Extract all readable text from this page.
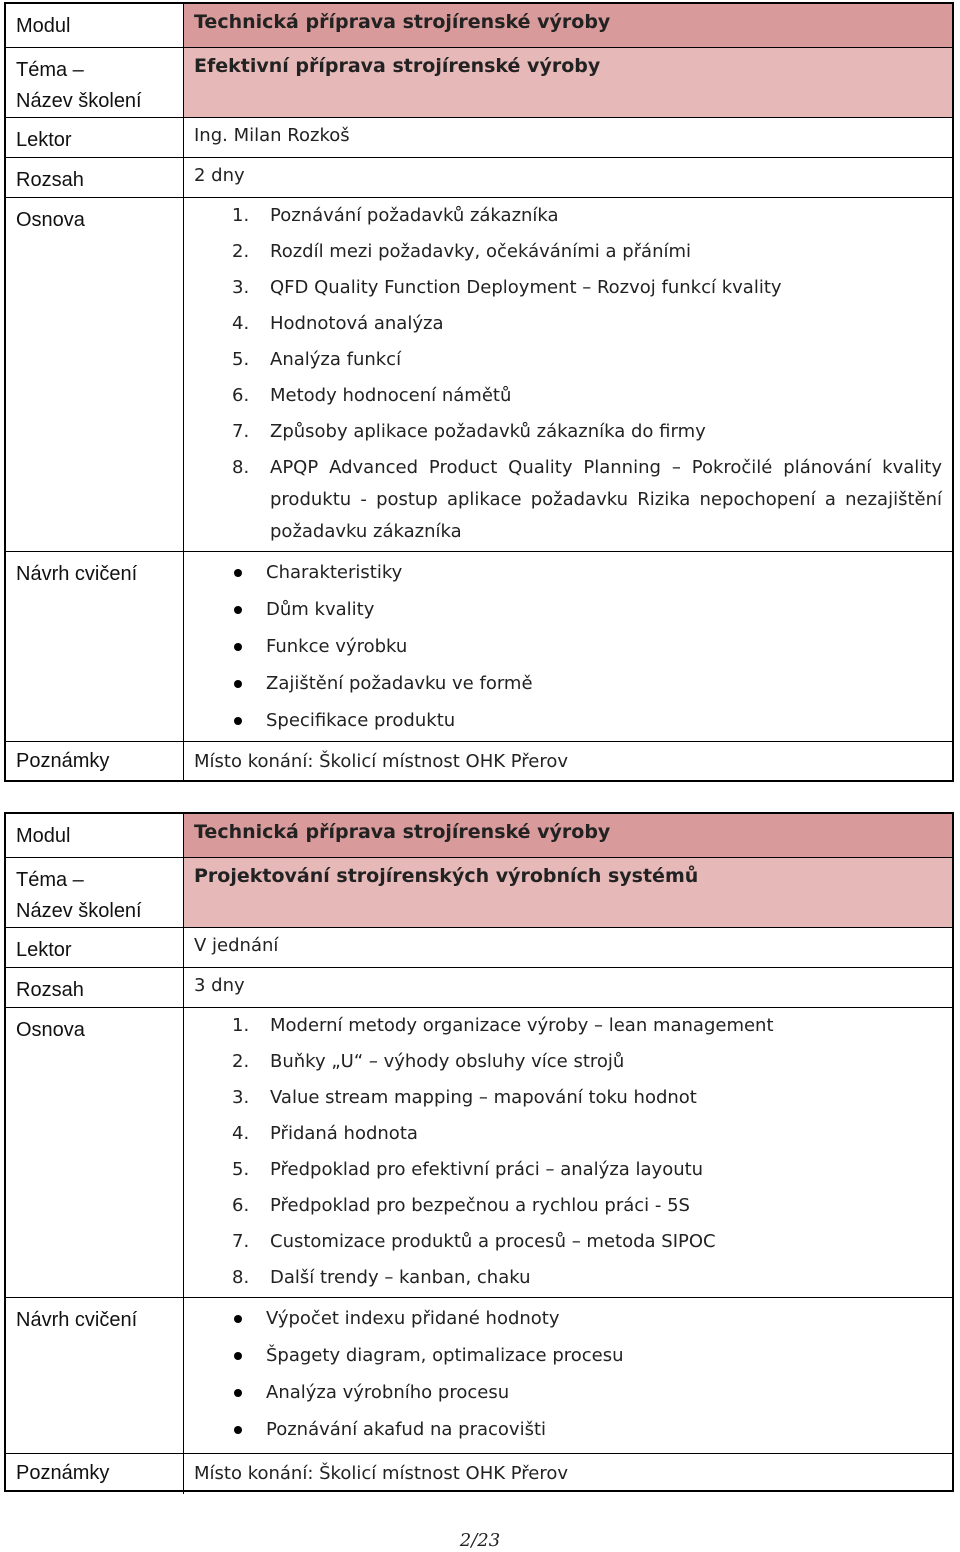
Modul	Technická příprava strojírenské výroby
Téma –
Název školení
Efektivní příprava strojírenské výroby
Lektor	Ing. Milan Rozkoš
Rozsah	2 dny
Osnova	1.	Poznávání požadavků zákazníka
2.	Rozdíl mezi požadavky, očekáváními a přáními
3.	QFD Quality Function Deployment – Rozvoj funkcí kvality
4.	Hodnotová analýza
5.	Analýza funkcí
6.	Metody hodnocení námětů
7.	Způsoby aplikace požadavků zákazníka do firmy
8.	APQP Advanced Product Quality Planning – Pokročilé plánování kvality produktu - postup aplikace požadavku Rizika nepochopení a nezajištění požadavku zákazníka
Návrh cvičení	Charakteristiky
Dům kvality
Funkce výrobku
Zajištění požadavku ve formě
Specifikace produktu
Poznámky	Místo konání: Školicí místnost OHK Přerov
Modul	Technická příprava strojírenské výroby
Téma –
Název školení
Projektování strojírenských výrobních systémů
Lektor	V jednání
Rozsah	3 dny
Osnova	1.	Moderní metody organizace výroby – lean management
2.	Buňky „U“ – výhody obsluhy více strojů
3.	Value stream mapping – mapování toku hodnot
4.	Přidaná hodnota
5.	Předpoklad pro efektivní práci – analýza layoutu
6.	Předpoklad pro bezpečnou a rychlou práci - 5S
7.	Customizace produktů a procesů – metoda SIPOC
8.	Další trendy – kanban, chaku
Návrh cvičení	Výpočet indexu přidané hodnoty
Špagety diagram, optimalizace procesu
Analýza výrobního procesu
Poznávání akafud na pracovišti
Poznámky	Místo konání: Školicí místnost OHK Přerov
2/23
